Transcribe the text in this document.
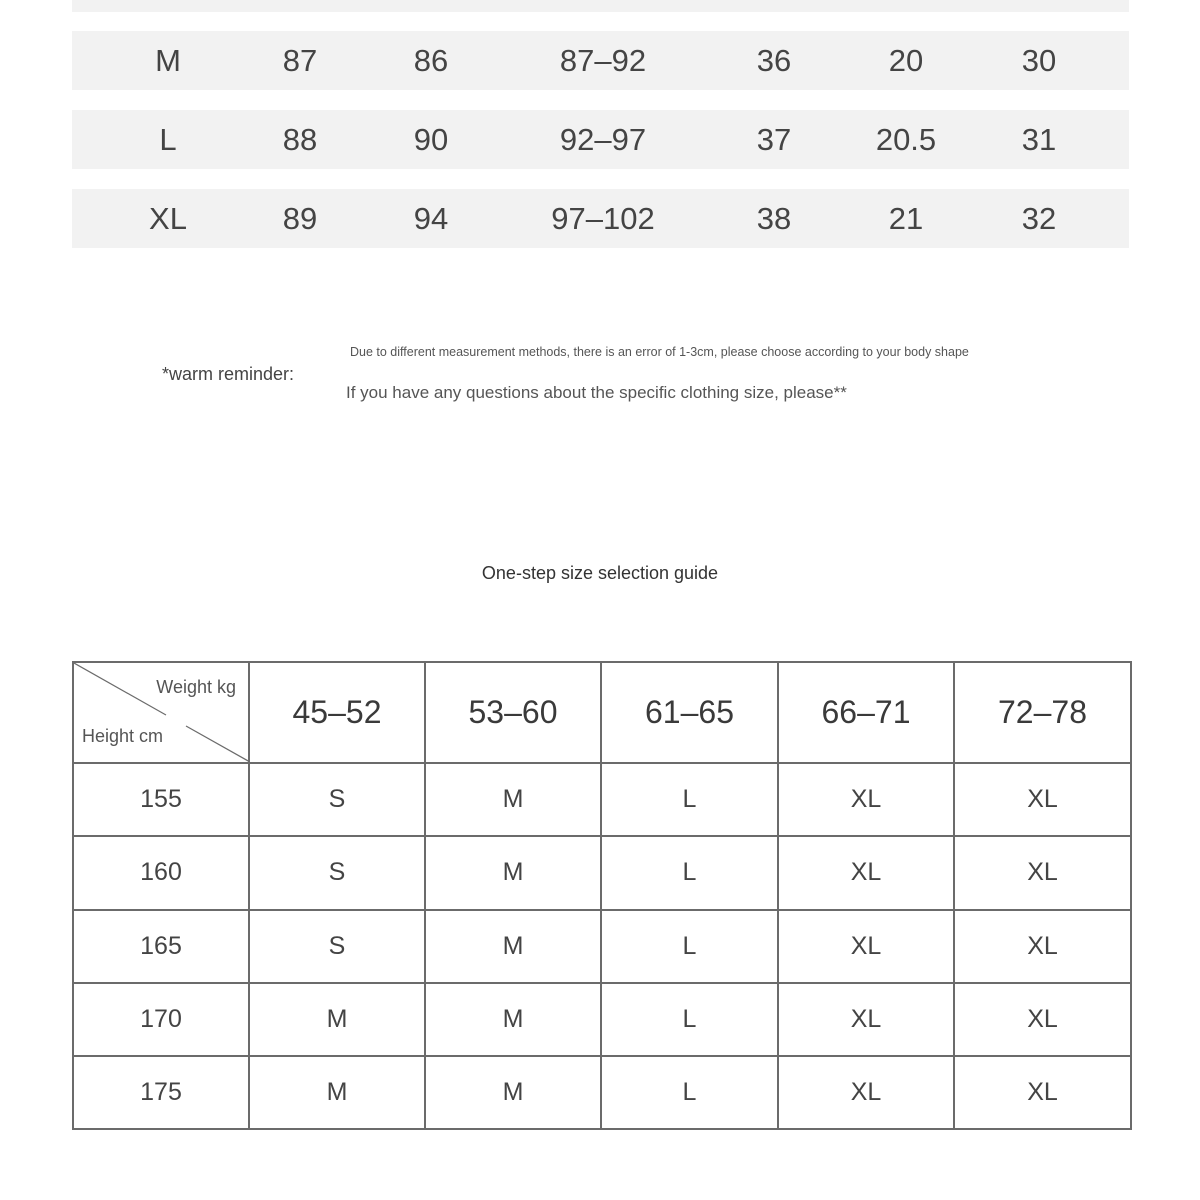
M	87	86	87–92	36	20	30
L	88	90	92–97	37	20.5	31
XL	89	94	97–102	38	21	32
*warm reminder:
Due to different measurement methods, there is an error of 1-3cm, please choose according to your body shape
If you have any questions about the specific clothing size, please**
One-step size selection guide
Weight kg
Height cm	45–52	53–60	61–65	66–71	72–78
155	S	M	L	XL	XL
160	S	M	L	XL	XL
165	S	M	L	XL	XL
170	M	M	L	XL	XL
175	M	M	L	XL	XL
